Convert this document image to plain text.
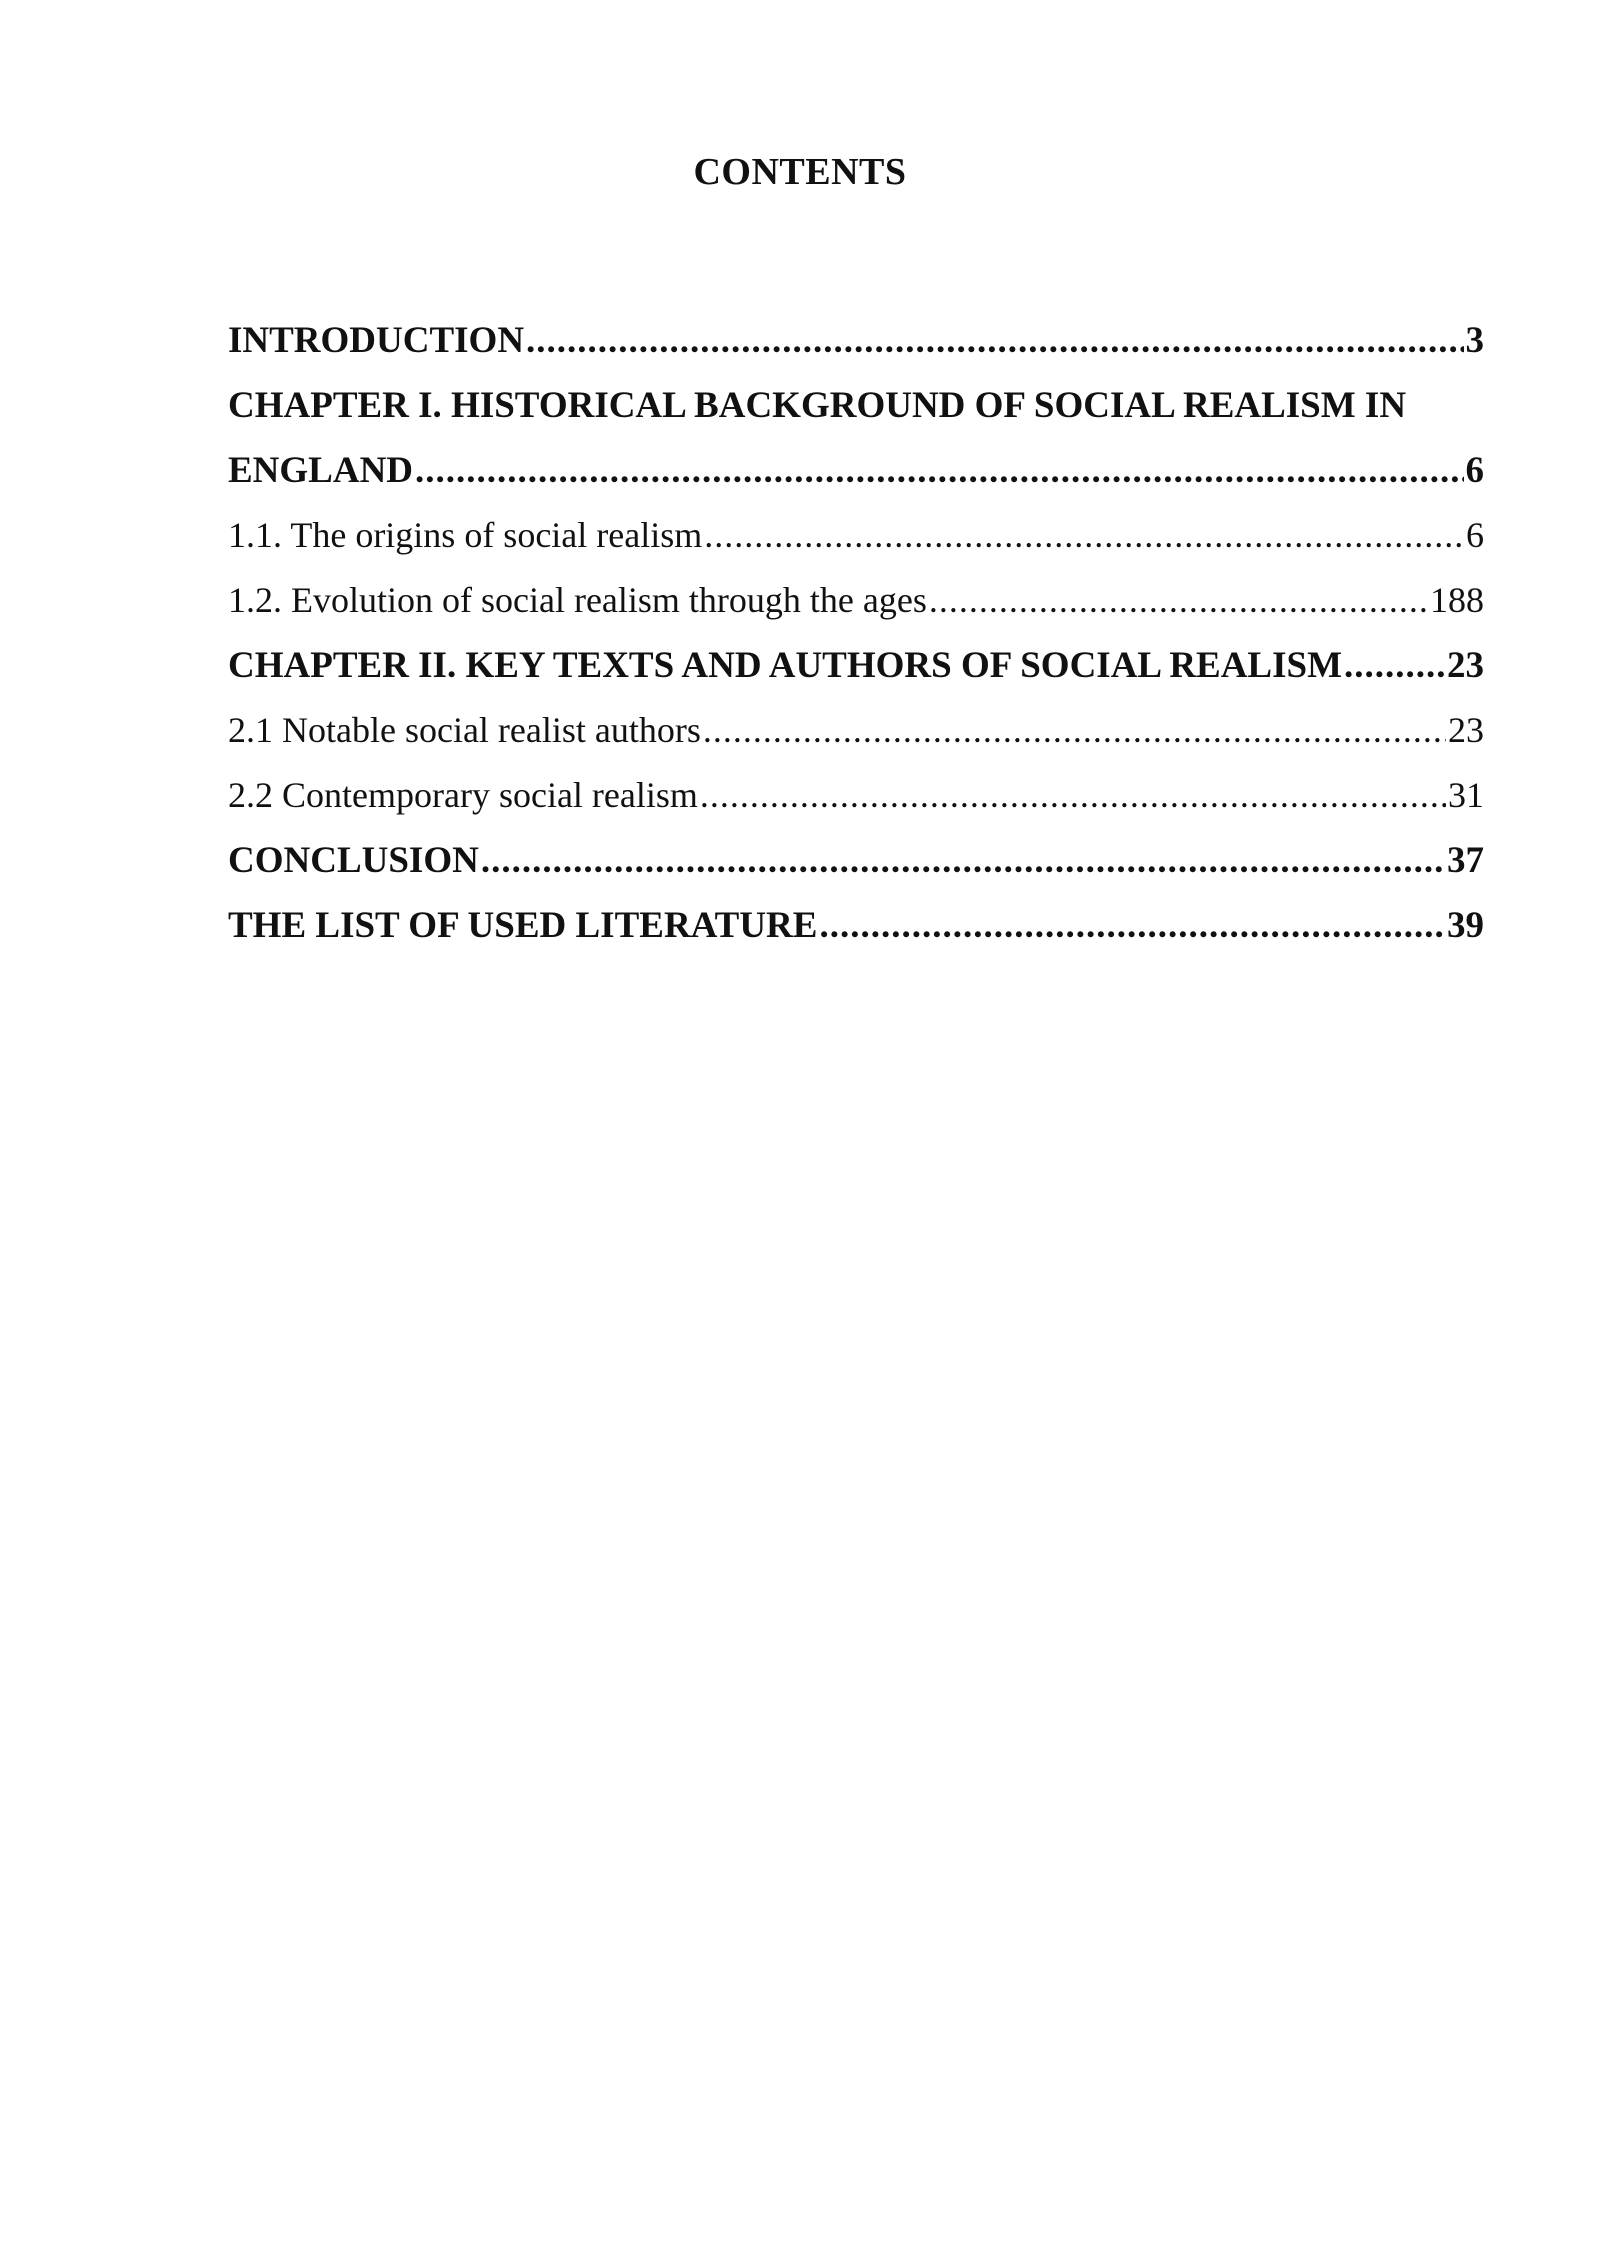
CONTENTS
INTRODUCTION .....	3
CHAPTER I. HISTORICAL BACKGROUND OF SOCIAL REALISM IN
ENGLAND .....	6
1.1. The origins of social realism .....	6
1.2. Evolution of social realism through the ages .....	188
CHAPTER II. KEY TEXTS AND AUTHORS OF SOCIAL REALISM .....	23
2.1 Notable social realist authors .....	23
2.2 Contemporary social realism .....	31
CONCLUSION .....	37
THE LIST OF USED LITERATURE .....	39
